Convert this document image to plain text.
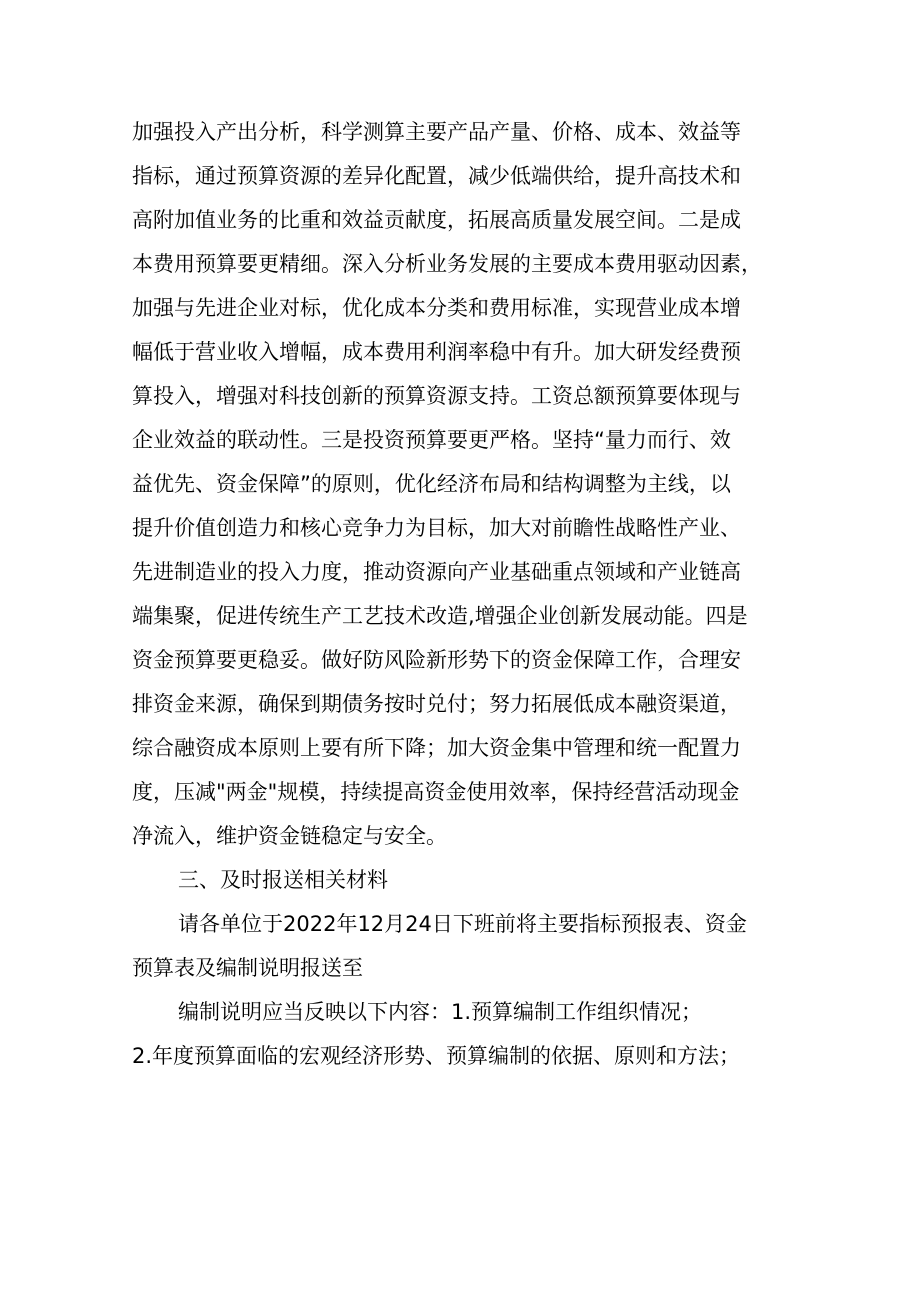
加强投入产出分析，科学测算主要产品产量、价格、成本、效益等
指标，通过预算资源的差异化配置，减少低端供给，提升高技术和
高附加值业务的比重和效益贡献度，拓展高质量发展空间。二是成
本费用预算要更精细。深入分析业务发展的主要成本费用驱动因素，
加强与先进企业对标，优化成本分类和费用标准，实现营业成本增
幅低于营业收入增幅，成本费用利润率稳中有升。加大研发经费预
算投入，增强对科技创新的预算资源支持。工资总额预算要体现与
企业效益的联动性。三是投资预算要更严格。坚持“量力而行、效
益优先、资金保障”的原则，优化经济布局和结构调整为主线，以
提升价值创造力和核心竞争力为目标，加大对前瞻性战略性产业、
先进制造业的投入力度，推动资源向产业基础重点领域和产业链高
端集聚，促进传统生产工艺技术改造,增强企业创新发展动能。四是
资金预算要更稳妥。做好防风险新形势下的资金保障工作，合理安
排资金来源，确保到期债务按时兑付；努力拓展低成本融资渠道，
综合融资成本原则上要有所下降；加大资金集中管理和统一配置力
度，压减"两金"规模，持续提高资金使用效率，保持经营活动现金
净流入，维护资金链稳定与安全。
三、及时报送相关材料
请各单位于2022年12月24日下班前将主要指标预报表、资金
预算表及编制说明报送至
编制说明应当反映以下内容：1.预算编制工作组织情况；
2.年度预算面临的宏观经济形势、预算编制的依据、原则和方法；
